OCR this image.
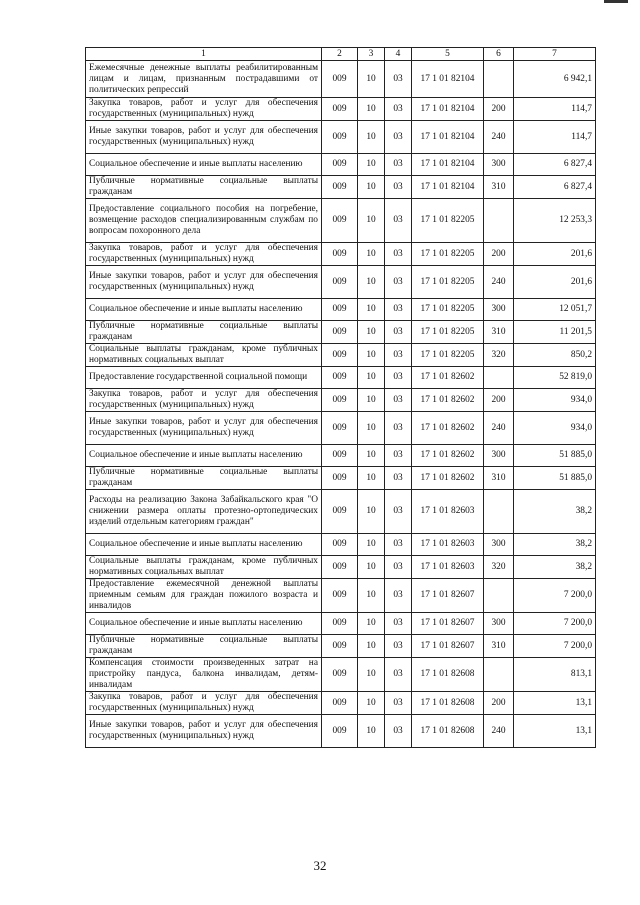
1	2	3	4	5	6	7
Ежемесячные денежные выплаты реабилитированным лицам и лицам, признанным пострадавшими от политических репрессий	009	10	03	17 1 01 82104		6 942,1
Закупка товаров, работ и услуг для обеспечения государственных (муниципальных) нужд	009	10	03	17 1 01 82104	200	114,7
Иные закупки товаров, работ и услуг для обеспечения государственных (муниципальных) нужд	009	10	03	17 1 01 82104	240	114,7
Социальное обеспечение и иные выплаты населению	009	10	03	17 1 01 82104	300	6 827,4
Публичные нормативные социальные выплаты гражданам	009	10	03	17 1 01 82104	310	6 827,4
Предоставление социального пособия на погребение, возмещение расходов специализированным службам по вопросам похоронного дела	009	10	03	17 1 01 82205		12 253,3
Закупка товаров, работ и услуг для обеспечения государственных (муниципальных) нужд	009	10	03	17 1 01 82205	200	201,6
Иные закупки товаров, работ и услуг для обеспечения государственных (муниципальных) нужд	009	10	03	17 1 01 82205	240	201,6
Социальное обеспечение и иные выплаты населению	009	10	03	17 1 01 82205	300	12 051,7
Публичные нормативные социальные выплаты гражданам	009	10	03	17 1 01 82205	310	11 201,5
Социальные выплаты гражданам, кроме публичных нормативных социальных выплат	009	10	03	17 1 01 82205	320	850,2
Предоставление государственной социальной помощи	009	10	03	17 1 01 82602		52 819,0
Закупка товаров, работ и услуг для обеспечения государственных (муниципальных) нужд	009	10	03	17 1 01 82602	200	934,0
Иные закупки товаров, работ и услуг для обеспечения государственных (муниципальных) нужд	009	10	03	17 1 01 82602	240	934,0
Социальное обеспечение и иные выплаты населению	009	10	03	17 1 01 82602	300	51 885,0
Публичные нормативные социальные выплаты гражданам	009	10	03	17 1 01 82602	310	51 885,0
Расходы на реализацию Закона Забайкальского края "О снижении размера оплаты протезно-ортопедических изделий отдельным категориям граждан"	009	10	03	17 1 01 82603		38,2
Социальное обеспечение и иные выплаты населению	009	10	03	17 1 01 82603	300	38,2
Социальные выплаты гражданам, кроме публичных нормативных социальных выплат	009	10	03	17 1 01 82603	320	38,2
Предоставление ежемесячной денежной выплаты приемным семьям для граждан пожилого возраста и инвалидов	009	10	03	17 1 01 82607		7 200,0
Социальное обеспечение и иные выплаты населению	009	10	03	17 1 01 82607	300	7 200,0
Публичные нормативные социальные выплаты гражданам	009	10	03	17 1 01 82607	310	7 200,0
Компенсация стоимости произведенных затрат на пристройку пандуса, балкона инвалидам, детям-инвалидам	009	10	03	17 1 01 82608		813,1
Закупка товаров, работ и услуг для обеспечения государственных (муниципальных) нужд	009	10	03	17 1 01 82608	200	13,1
Иные закупки товаров, работ и услуг для обеспечения государственных (муниципальных) нужд	009	10	03	17 1 01 82608	240	13,1
32
